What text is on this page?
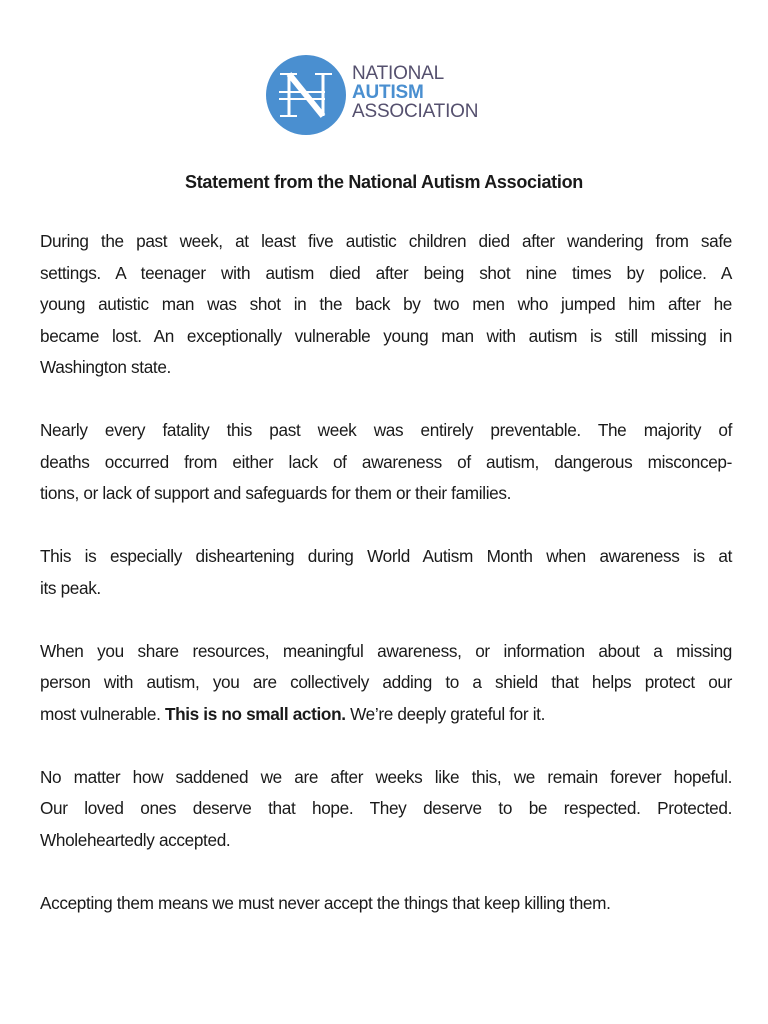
NATIONAL
AUTISM
ASSOCIATION
Statement from the National Autism Association
During the past week, at least five autistic children died after wandering from safe
settings. A teenager with autism died after being shot nine times by police. A
young autistic man was shot in the back by two men who jumped him after he
became lost. An exceptionally vulnerable young man with autism is still missing in
Washington state.
Nearly every fatality this past week was entirely preventable. The majority of
deaths occurred from either lack of awareness of autism, dangerous misconcep-
tions, or lack of support and safeguards for them or their families.
This is especially disheartening during World Autism Month when awareness is at
its peak.
When you share resources, meaningful awareness, or information about a missing
person with autism, you are collectively adding to a shield that helps protect our
most vulnerable. This is no small action. We’re deeply grateful for it.
No matter how saddened we are after weeks like this, we remain forever hopeful.
Our loved ones deserve that hope. They deserve to be respected. Protected.
Wholeheartedly accepted.
Accepting them means we must never accept the things that keep killing them.
